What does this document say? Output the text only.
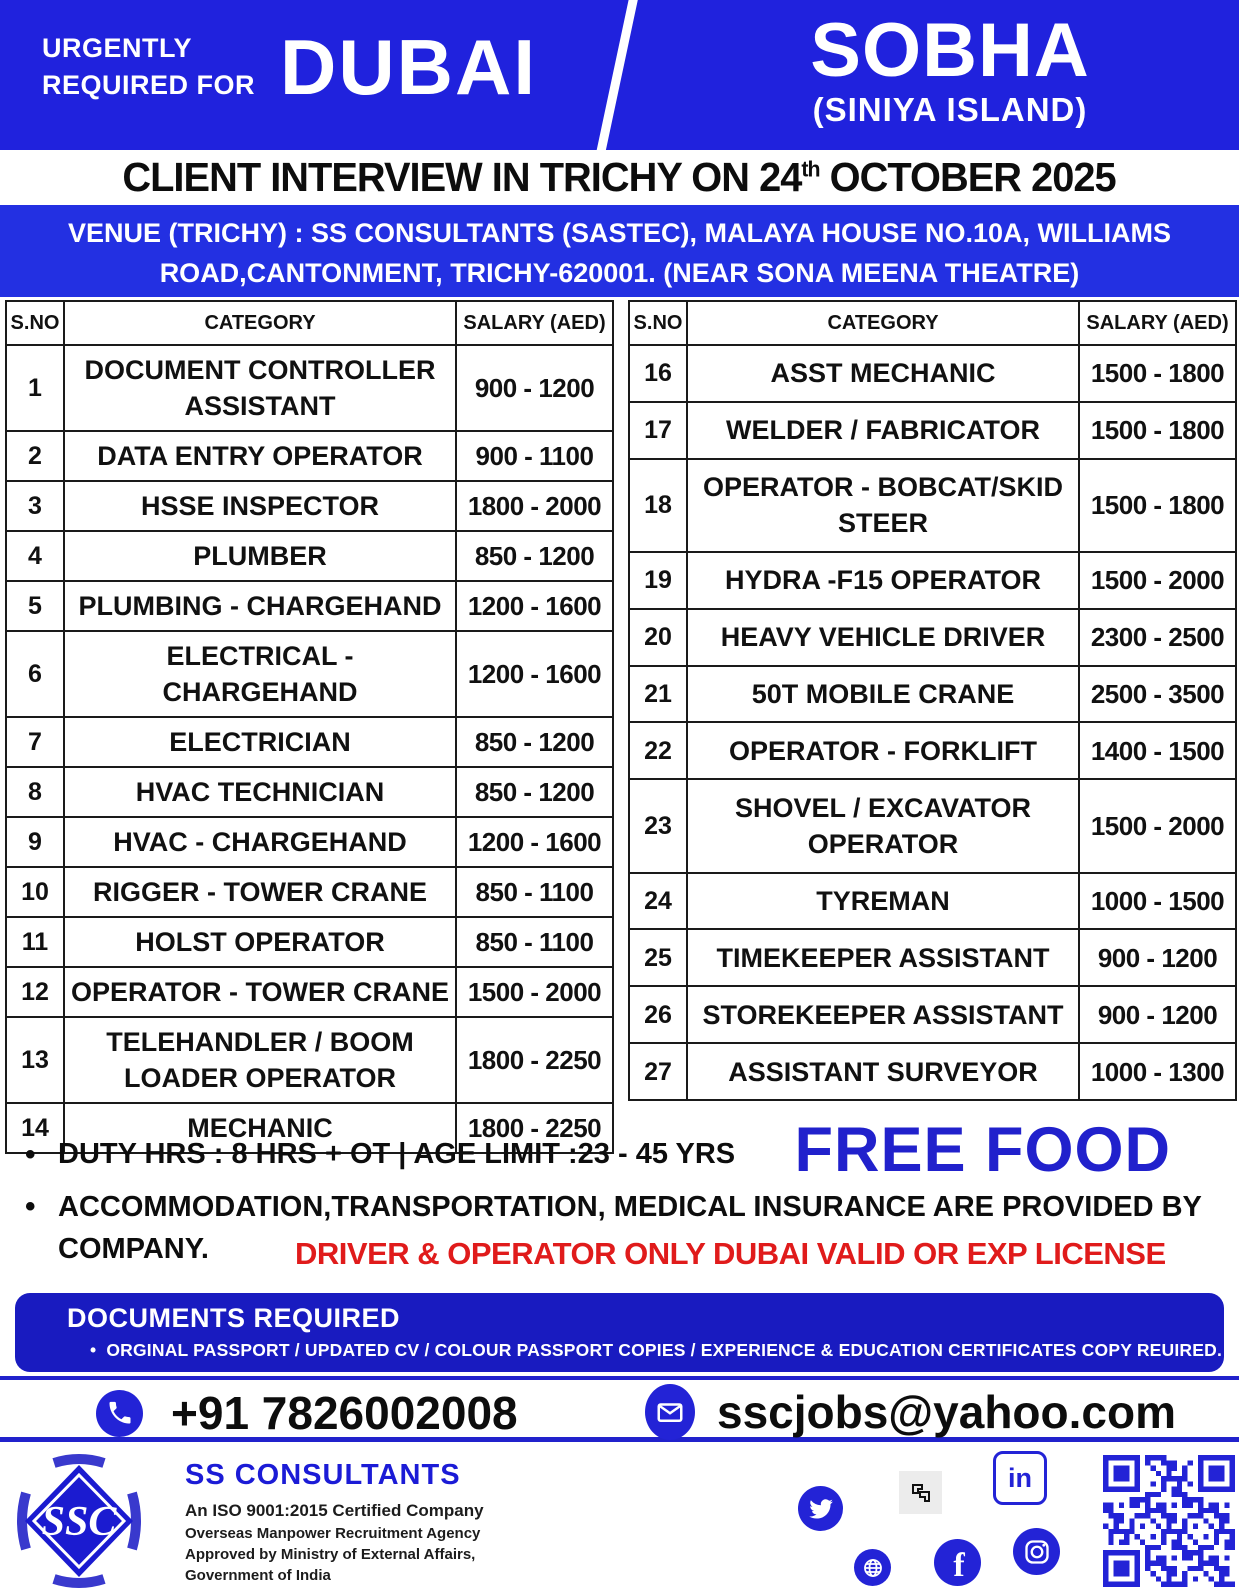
URGENTLY
REQUIRED FOR DUBAI	SOBHA
(SINIYA ISLAND)
CLIENT INTERVIEW IN TRICHY ON 24th OCTOBER 2025
VENUE (TRICHY) : SS CONSULTANTS (SASTEC), MALAYA HOUSE NO.10A, WILLIAMS
ROAD,CANTONMENT, TRICHY-620001. (NEAR SONA MEENA THEATRE)
S.NO	CATEGORY	SALARY (AED)
1	DOCUMENT CONTROLLER ASSISTANT	900 - 1200
2	DATA ENTRY OPERATOR	900 - 1100
3	HSSE INSPECTOR	1800 - 2000
4	PLUMBER	850 - 1200
5	PLUMBING - CHARGEHAND	1200 - 1600
6	ELECTRICAL - CHARGEHAND	1200 - 1600
7	ELECTRICIAN	850 - 1200
8	HVAC TECHNICIAN	850 - 1200
9	HVAC - CHARGEHAND	1200 - 1600
10	RIGGER - TOWER CRANE	850 - 1100
11	HOLST OPERATOR	850 - 1100
12	OPERATOR - TOWER CRANE	1500 - 2000
13	TELEHANDLER / BOOM LOADER OPERATOR	1800 - 2250
14	MECHANIC	1800 - 2250
S.NO	CATEGORY	SALARY (AED)
16	ASST MECHANIC	1500 - 1800
17	WELDER / FABRICATOR	1500 - 1800
18	OPERATOR - BOBCAT/SKID STEER	1500 - 1800
19	HYDRA -F15 OPERATOR	1500 - 2000
20	HEAVY VEHICLE DRIVER	2300 - 2500
21	50T MOBILE CRANE	2500 - 3500
22	OPERATOR - FORKLIFT	1400 - 1500
23	SHOVEL / EXCAVATOR OPERATOR	1500 - 2000
24	TYREMAN	1000 - 1500
25	TIMEKEEPER ASSISTANT	900 - 1200
26	STOREKEEPER ASSISTANT	900 - 1200
27	ASSISTANT SURVEYOR	1000 - 1300
• DUTY HRS : 8 HRS + OT | AGE LIMIT :23 - 45 YRS FREE FOOD
• ACCOMMODATION,TRANSPORTATION, MEDICAL INSURANCE ARE PROVIDED BY COMPANY.	DRIVER & OPERATOR ONLY DUBAI VALID OR EXP LICENSE
DOCUMENTS REQUIRED
• ORGINAL PASSPORT / UPDATED CV / COLOUR PASSPORT COPIES / EXPERIENCE & EDUCATION CERTIFICATES COPY REUIRED.
+91 7826002008	sscjobs@yahoo.com
SSC
SS CONSULTANTS
An ISO 9001:2015 Certified Company
Overseas Manpower Recruitment Agency
Approved by Ministry of External Affairs,
Government of India
in
f
